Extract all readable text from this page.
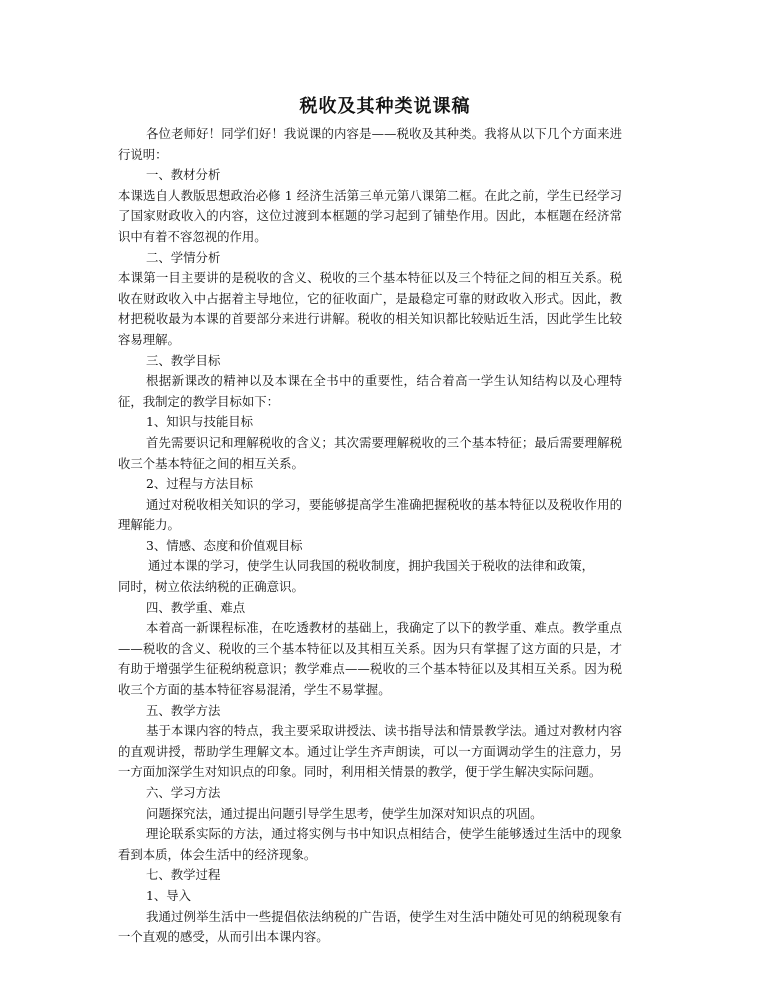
税收及其种类说课稿

各位老师好！同学们好！我说课的内容是——税收及其种类。我将从以下几个方面来进行说明：

一、教材分析

本课选自人教版思想政治必修 1 经济生活第三单元第八课第二框。在此之前，学生已经学习了国家财政收入的内容，这位过渡到本框题的学习起到了铺垫作用。因此，本框题在经济常识中有着不容忽视的作用。

二、学情分析

本课第一目主要讲的是税收的含义、税收的三个基本特征以及三个特征之间的相互关系。税收在财政收入中占据着主导地位，它的征收面广，是最稳定可靠的财政收入形式。因此，教材把税收最为本课的首要部分来进行讲解。税收的相关知识都比较贴近生活，因此学生比较容易理解。

三、教学目标

根据新课改的精神以及本课在全书中的重要性，结合着高一学生认知结构以及心理特征，我制定的教学目标如下：

1、知识与技能目标

首先需要识记和理解税收的含义；其次需要理解税收的三个基本特征；最后需要理解税收三个基本特征之间的相互关系。

2、过程与方法目标

通过对税收相关知识的学习，要能够提高学生准确把握税收的基本特征以及税收作用的理解能力。

3、情感、态度和价值观目标

通过本课的学习，使学生认同我国的税收制度，拥护我国关于税收的法律和政策，

同时，树立依法纳税的正确意识。

四、教学重、难点

本着高一新课程标准，在吃透教材的基础上，我确定了以下的教学重、难点。教学重点——税收的含义、税收的三个基本特征以及其相互关系。因为只有掌握了这方面的只是，才有助于增强学生征税纳税意识；教学难点——税收的三个基本特征以及其相互关系。因为税收三个方面的基本特征容易混淆，学生不易掌握。

五、教学方法

基于本课内容的特点，我主要采取讲授法、读书指导法和情景教学法。通过对教材内容的直观讲授，帮助学生理解文本。通过让学生齐声朗读，可以一方面调动学生的注意力，另一方面加深学生对知识点的印象。同时，利用相关情景的教学，便于学生解决实际问题。

六、学习方法

问题探究法，通过提出问题引导学生思考，使学生加深对知识点的巩固。

理论联系实际的方法，通过将实例与书中知识点相结合，使学生能够透过生活中的现象看到本质，体会生活中的经济现象。

七、教学过程

1、导入

我通过例举生活中一些提倡依法纳税的广告语，使学生对生活中随处可见的纳税现象有一个直观的感受，从而引出本课内容。
